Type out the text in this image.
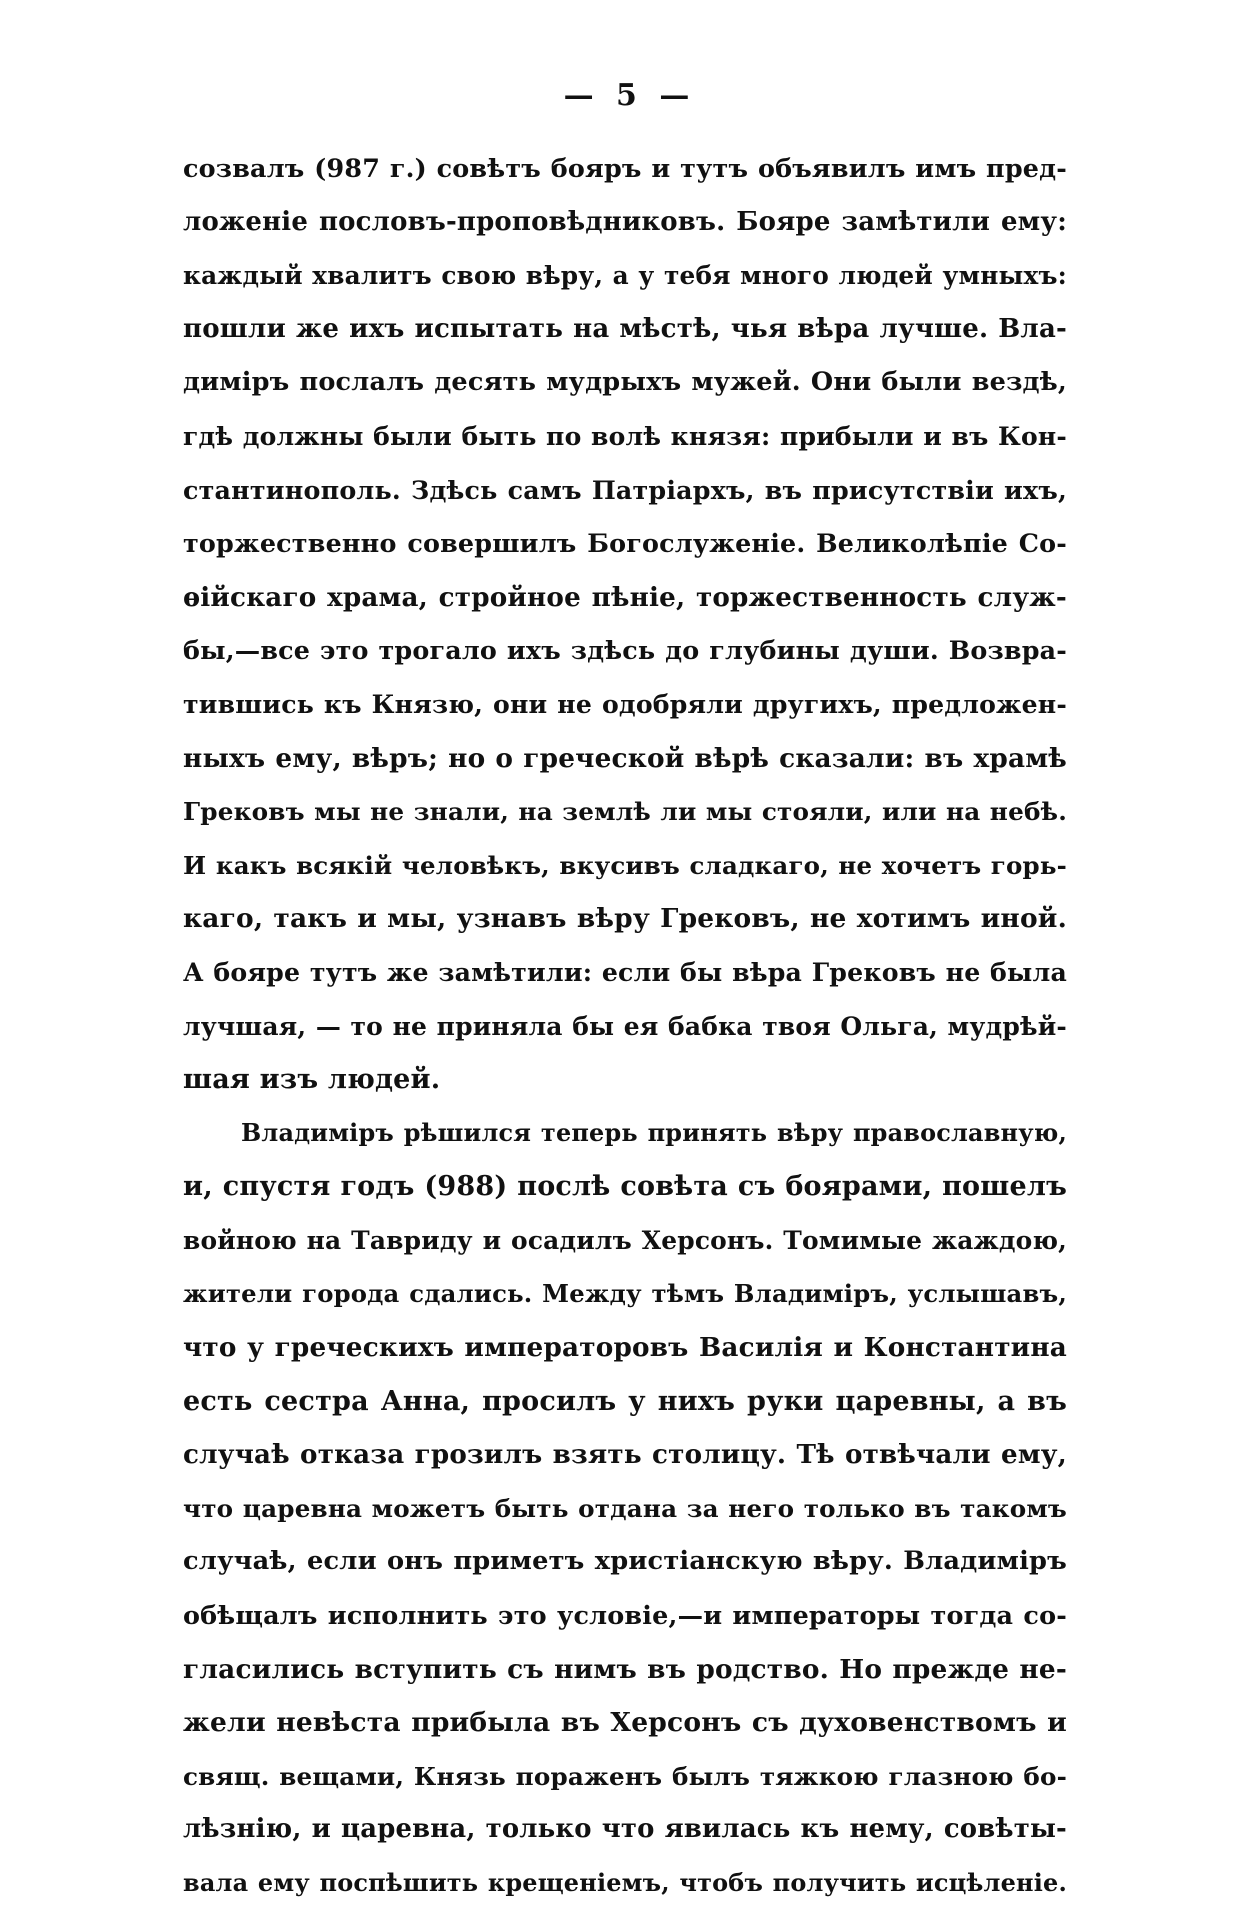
— 5 —
созвалъ (987 г.) совѣтъ бояръ и тутъ объявилъ имъ пред-
ложеніе пословъ-проповѣдниковъ. Бояре замѣтили ему:
каждый хвалитъ свою вѣру, а у тебя много людей умныхъ:
пошли же ихъ испытать на мѣстѣ, чья вѣра лучше. Вла-
диміръ послалъ десять мудрыхъ мужей. Они были вездѣ,
гдѣ должны были быть по волѣ князя: прибыли и въ Кон-
стантинополь. Здѣсь самъ Патріархъ, въ присутствіи ихъ,
торжественно совершилъ Богослуженіе. Великолѣпіе Со-
ѳійскаго храма, стройное пѣніе, торжественность служ-
бы,—все это трогало ихъ здѣсь до глубины души. Возвра-
тившись къ Князю, они не одобряли другихъ, предложен-
ныхъ ему, вѣръ; но о греческой вѣрѣ сказали: въ храмѣ
Грековъ мы не знали, на землѣ ли мы стояли, или на небѣ.
И какъ всякій человѣкъ, вкусивъ сладкаго, не хочетъ горь-
каго, такъ и мы, узнавъ вѣру Грековъ, не хотимъ иной.
А бояре тутъ же замѣтили: если бы вѣра Грековъ не была
лучшая, — то не приняла бы ея бабка твоя Ольга, мудрѣй-
шая изъ людей.
Владиміръ рѣшился теперь принять вѣру православную,
и, спустя годъ (988) послѣ совѣта съ боярами, пошелъ
войною на Тавриду и осадилъ Херсонъ. Томимые жаждою,
жители города сдались. Между тѣмъ Владиміръ, услышавъ,
что у греческихъ императоровъ Василія и Константина
есть сестра Анна, просилъ у нихъ руки царевны, а въ
случаѣ отказа грозилъ взять столицу. Тѣ отвѣчали ему,
что царевна можетъ быть отдана за него только въ такомъ
случаѣ, если онъ приметъ христіанскую вѣру. Владиміръ
обѣщалъ исполнить это условіе,—и императоры тогда со-
гласились вступить съ нимъ въ родство. Но прежде не-
жели невѣста прибыла въ Херсонъ съ духовенствомъ и
свящ. вещами, Князь пораженъ былъ тяжкою глазною бо-
лѣзнію, и царевна, только что явилась къ нему, совѣты-
вала ему поспѣшить крещеніемъ, чтобъ получить исцѣленіе.
